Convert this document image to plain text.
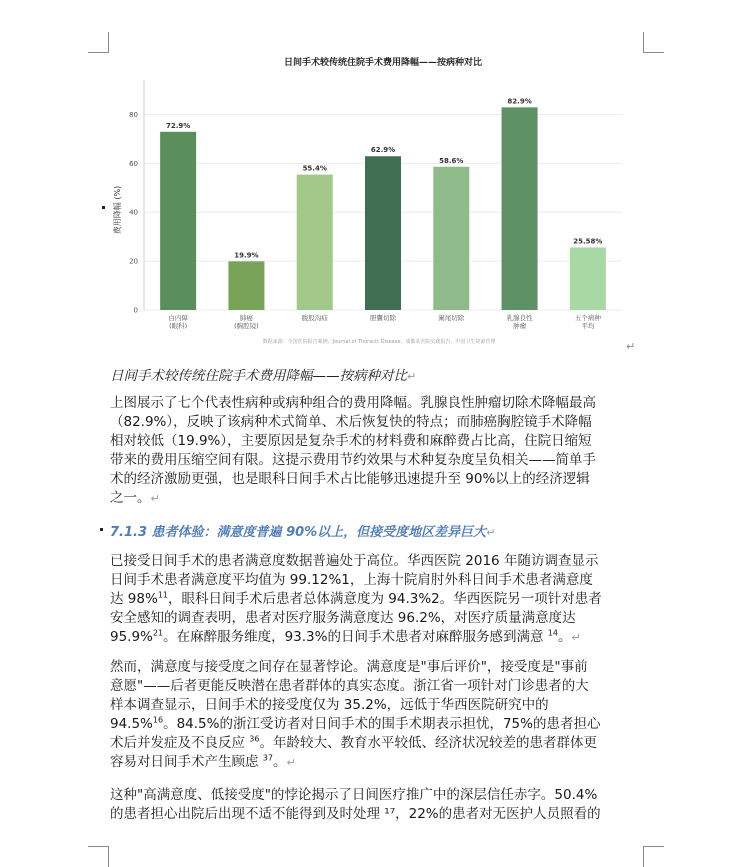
日间手术较传统住院手术费用降幅——按病种对比
费用降幅 (%)
0
20
40
60
80
72.9%
白内障
(眼科)
19.9%
肺癌
(胸腔镜)
55.4%
腹股沟疝
62.9%
胆囊切除
58.6%
阑尾切除
82.9%
乳腺良性
肿瘤
25.58%
五个病种
平均
数据来源：全国医院报告案例、Journal of Thoracic Disease、成都某医院实践报告、中国卫生资源管理	↵
日间手术较传统住院手术费用降幅——按病种对比↵
上图展示了七个代表性病种或病种组合的费用降幅。乳腺良性肿瘤切除术降幅最高
（82.9%），反映了该病种术式简单、术后恢复快的特点；而肺癌胸腔镜手术降幅
相对较低（19.9%），主要原因是复杂手术的材料费和麻醉费占比高，住院日缩短
带来的费用压缩空间有限。这提示费用节约效果与术种复杂度呈负相关——简单手
术的经济激励更强，也是眼科日间手术占比能够迅速提升至 90%以上的经济逻辑
之一。↵
7.1.3 患者体验：满意度普遍 90%以上，但接受度地区差异巨大↵
已接受日间手术的患者满意度数据普遍处于高位。华西医院 2016 年随访调查显示
日间手术患者满意度平均值为 99.12%1，上海十院肩肘外科日间手术患者满意度
达 98%$^{11}$，眼科日间手术后患者总体满意度为 94.3%2。华西医院另一项针对患者
安全感知的调查表明，患者对医疗服务满意度达 96.2%，对医疗质量满意度达
95.9%$^{21}$。在麻醉服务维度，93.3%的日间手术患者对麻醉服务感到满意 $^{14}$。↵
然而，满意度与接受度之间存在显著悖论。满意度是"事后评价"，接受度是"事前
意愿"——后者更能反映潜在患者群体的真实态度。浙江省一项针对门诊患者的大
样本调查显示，日间手术的接受度仅为 35.2%，远低于华西医院研究中的
94.5%$^{16}$。84.5%的浙江受访者对日间手术的围手术期表示担忧，75%的患者担心
术后并发症及不良反应 $^{36}$。年龄较大、教育水平较低、经济状况较差的患者群体更
容易对日间手术产生顾虑 $^{37}$。↵
这种"高满意度、低接受度"的悖论揭示了日间医疗推广中的深层信任赤字。50.4%
的患者担心出院后出现不适不能得到及时处理 ¹⁷，22%的患者对无医护人员照看的
